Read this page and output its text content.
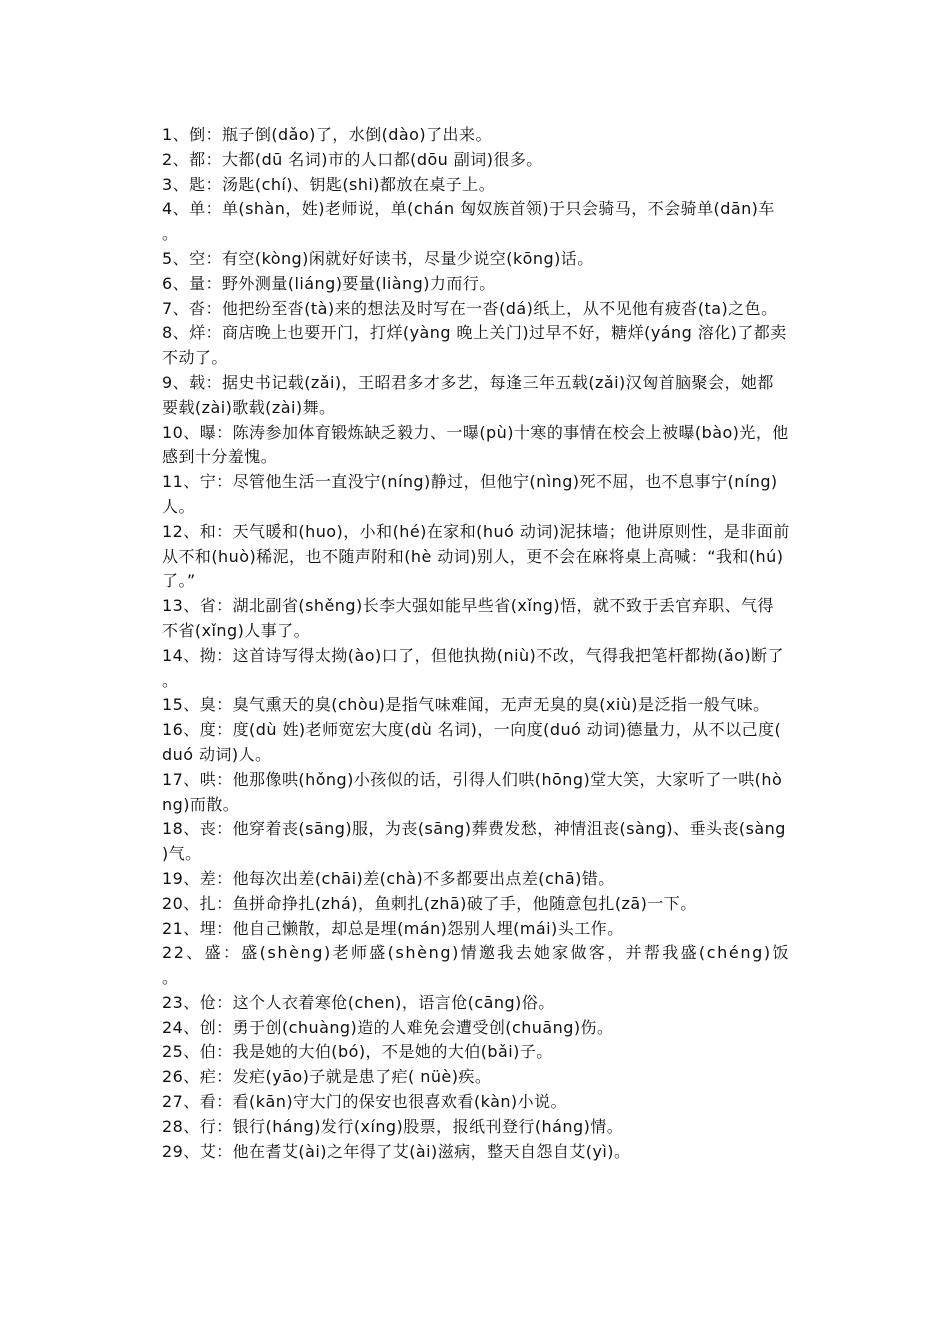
1、倒：瓶子倒(dǎo)了，水倒(dào)了出来。

2、都：大都(dū 名词)市的人口都(dōu 副词)很多。

3、匙：汤匙(chí)、钥匙(shi)都放在桌子上。

4、单：单(shàn，姓)老师说，单(chán 匈奴族首领)于只会骑马，不会骑单(dān)车。

5、空：有空(kòng)闲就好好读书，尽量少说空(kōng)话。

6、量：野外测量(liáng)要量(liàng)力而行。

7、沓：他把纷至沓(tà)来的想法及时写在一沓(dá)纸上，从不见他有疲沓(ta)之色。

8、烊：商店晚上也要开门，打烊(yàng 晚上关门)过早不好，糖烊(yáng 溶化)了都卖不动了。

9、载：据史书记载(zǎi)，王昭君多才多艺，每逢三年五载(zǎi)汉匈首脑聚会，她都要载(zài)歌载(zài)舞。

10、曝：陈涛参加体育锻炼缺乏毅力、一曝(pù)十寒的事情在校会上被曝(bào)光，他感到十分羞愧。

11、宁：尽管他生活一直没宁(níng)静过，但他宁(nìng)死不屈，也不息事宁(níng)人。

12、和：天气暖和(huo)，小和(hé)在家和(huó 动词)泥抹墙；他讲原则性，是非面前从不和(huò)稀泥，也不随声附和(hè 动词)别人，更不会在麻将桌上高喊：“我和(hú)了。”

13、省：湖北副省(shěng)长李大强如能早些省(xǐng)悟，就不致于丢官弃职、气得不省(xǐng)人事了。

14、拗：这首诗写得太拗(ào)口了，但他执拗(niù)不改，气得我把笔杆都拗(ǎo)断了。

15、臭：臭气熏天的臭(chòu)是指气味难闻，无声无臭的臭(xiù)是泛指一般气味。

16、度：度(dù 姓)老师宽宏大度(dù 名词)，一向度(duó 动词)德量力，从不以己度(duó 动词)人。

17、哄：他那像哄(hǒng)小孩似的话，引得人们哄(hōng)堂大笑，大家听了一哄(hòng)而散。

18、丧：他穿着丧(sāng)服，为丧(sāng)葬费发愁，神情沮丧(sàng)、垂头丧(sàng)气。

19、差：他每次出差(chāi)差(chà)不多都要出点差(chā)错。

20、扎：鱼拼命挣扎(zhá)，鱼刺扎(zhā)破了手，他随意包扎(zā)一下。

21、埋：他自己懒散，却总是埋(mán)怨别人埋(mái)头工作。

22、盛：盛(shèng)老师盛(shèng)情邀我去她家做客，并帮我盛(chéng)饭。

23、伧：这个人衣着寒伧(chen)，语言伧(cāng)俗。

24、创：勇于创(chuàng)造的人难免会遭受创(chuāng)伤。

25、伯：我是她的大伯(bó)，不是她的大伯(bǎi)子。

26、疟：发疟(yāo)子就是患了疟( nüè)疾。

27、看：看(kān)守大门的保安也很喜欢看(kàn)小说。

28、行：银行(háng)发行(xíng)股票，报纸刊登行(háng)情。

29、艾：他在耆艾(ài)之年得了艾(ài)滋病，整天自怨自艾(yì)。
